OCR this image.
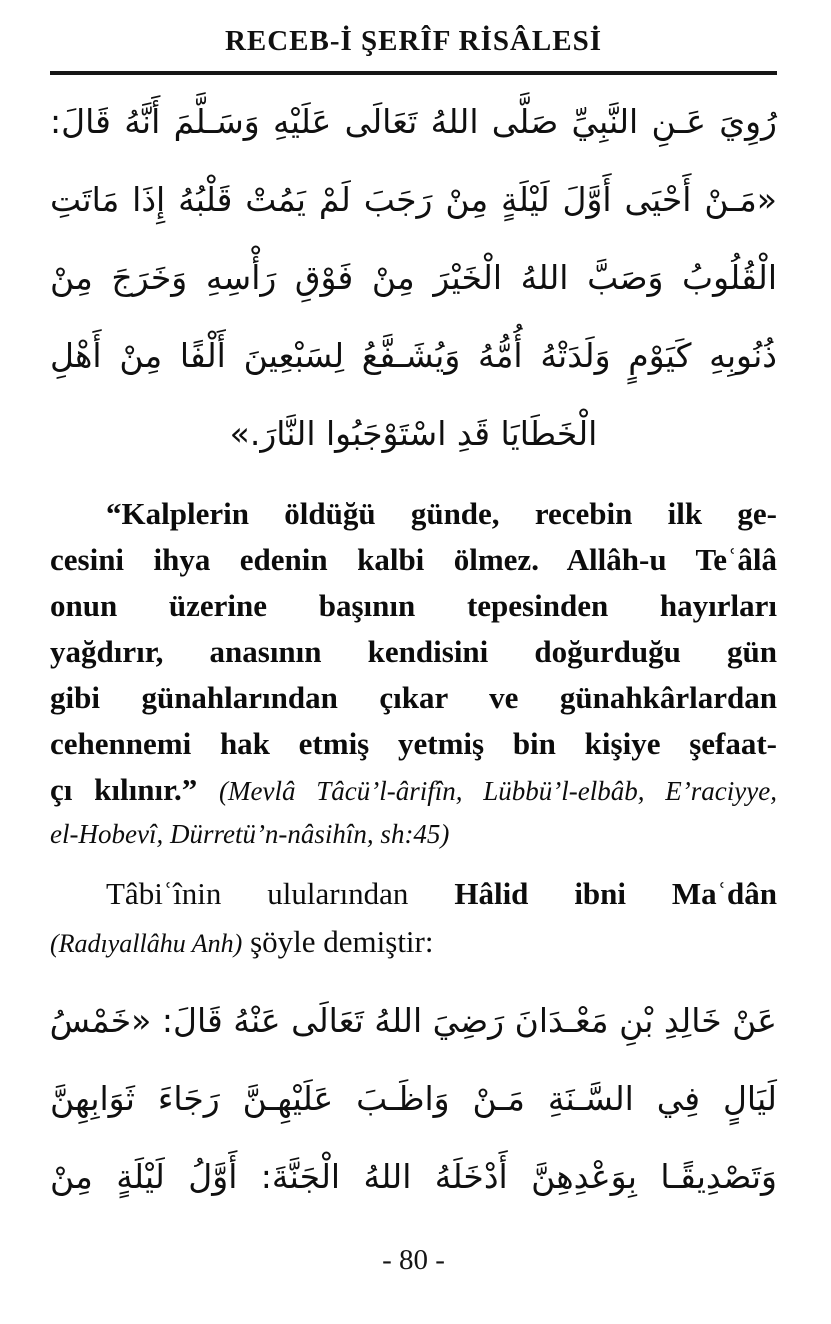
RECEB-İ ŞERÎF RİSÂLESİ
رُوِيَ عَـنِ النَّبِيِّ صَلَّى اللهُ تَعَالَى عَلَيْهِ وَسَـلَّمَ أَنَّهُ قَالَ:
«مَـنْ أَحْيَى أَوَّلَ لَيْلَةٍ مِنْ رَجَبَ لَمْ يَمُتْ قَلْبُهُ إِذَا مَاتَتِ
الْقُلُوبُ وَصَبَّ اللهُ الْخَيْرَ مِنْ فَوْقِ رَأْسِهِ وَخَرَجَ مِنْ
ذُنُوبِهِ كَيَوْمٍ وَلَدَتْهُ أُمُّهُ وَيُشَـفَّعُ لِسَبْعِينَ أَلْفًا مِنْ أَهْلِ
الْخَطَايَا قَدِ اسْتَوْجَبُوا النَّارَ.»
“Kalplerin öldüğü günde, recebin ilk ge-
cesini ihya edenin kalbi ölmez. Allâh-u Teʿâlâ
onun üzerine başının tepesinden hayırları
yağdırır, anasının kendisini doğurduğu gün
gibi günahlarından çıkar ve günahkârlardan
cehennemi hak etmiş yetmiş bin kişiye şefaat-
çı kılınır.” (Mevlâ Tâcü’l-ârifîn, Lübbü’l-elbâb, E’raciyye,
el-Hobevî, Dürretü’n-nâsihîn, sh:45)
Tâbiʿînin ulularından Hâlid ibni Maʿdân
(Radıyallâhu Anh) şöyle demiştir:
عَنْ خَالِدِ بْنِ مَعْـدَانَ رَضِيَ اللهُ تَعَالَى عَنْهُ قَالَ: «خَمْسُ
لَيَالٍ فِي السَّـنَةِ مَـنْ وَاظَـبَ عَلَيْهِـنَّ رَجَاءَ ثَوَابِهِنَّ
وَتَصْدِيقًـا بِوَعْدِهِنَّ أَدْخَلَهُ اللهُ الْجَنَّةَ: أَوَّلُ لَيْلَةٍ مِنْ
- 80 -
